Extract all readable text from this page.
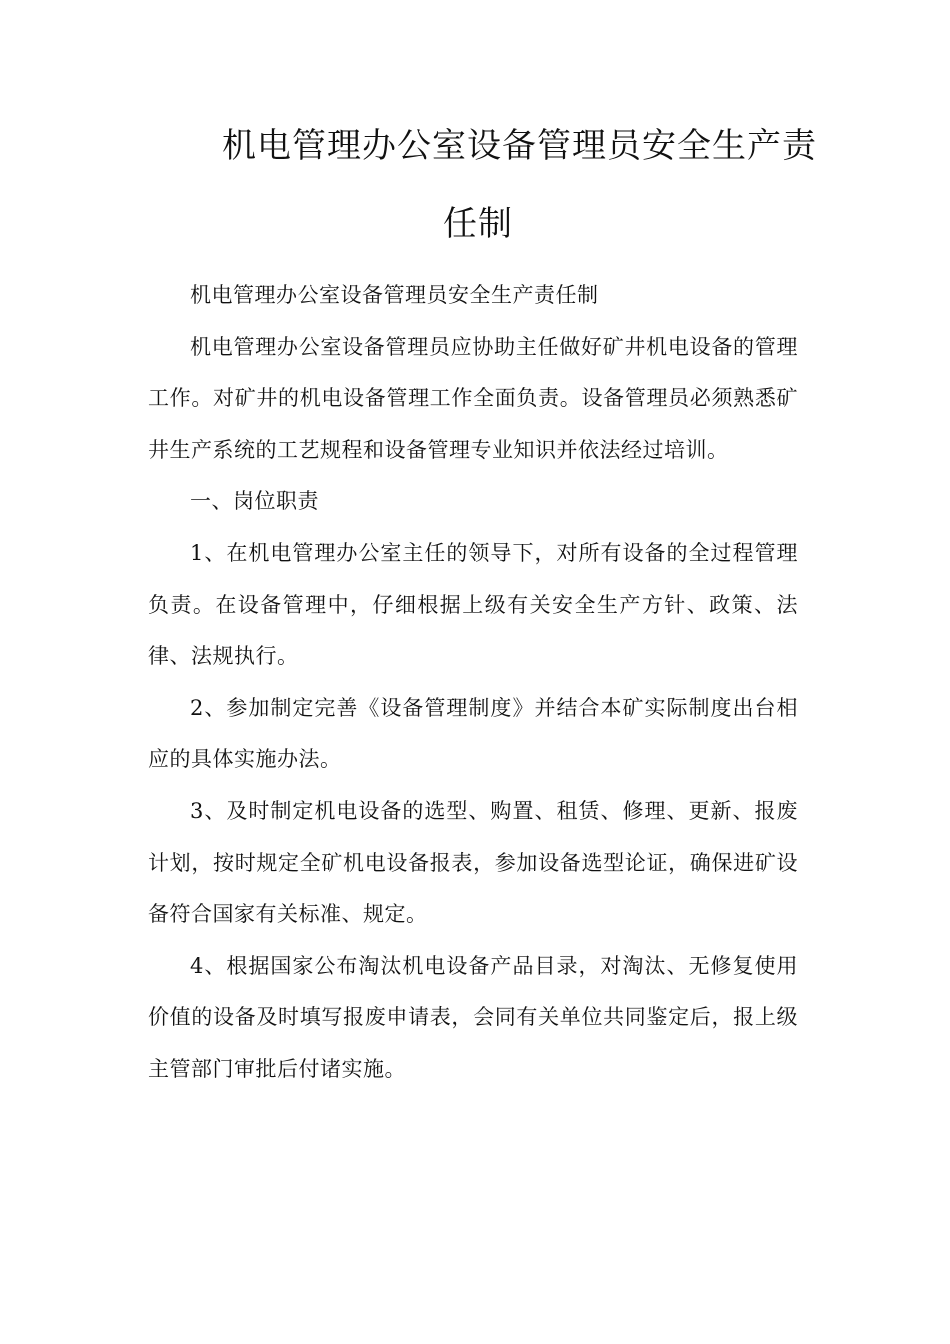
机电管理办公室设备管理员安全生产责
任制

机电管理办公室设备管理员安全生产责任制

机电管理办公室设备管理员应协助主任做好矿井机电设备的管理工作。对矿井的机电设备管理工作全面负责。设备管理员必须熟悉矿井生产系统的工艺规程和设备管理专业知识并依法经过培训。

一、岗位职责

1、在机电管理办公室主任的领导下，对所有设备的全过程管理负责。在设备管理中，仔细根据上级有关安全生产方针、政策、法律、法规执行。

2、参加制定完善《设备管理制度》并结合本矿实际制度出台相应的具体实施办法。

3、及时制定机电设备的选型、购置、租赁、修理、更新、报废计划，按时规定全矿机电设备报表，参加设备选型论证，确保进矿设备符合国家有关标准、规定。

4、根据国家公布淘汰机电设备产品目录，对淘汰、无修复使用价值的设备及时填写报废申请表，会同有关单位共同鉴定后，报上级主管部门审批后付诸实施。
